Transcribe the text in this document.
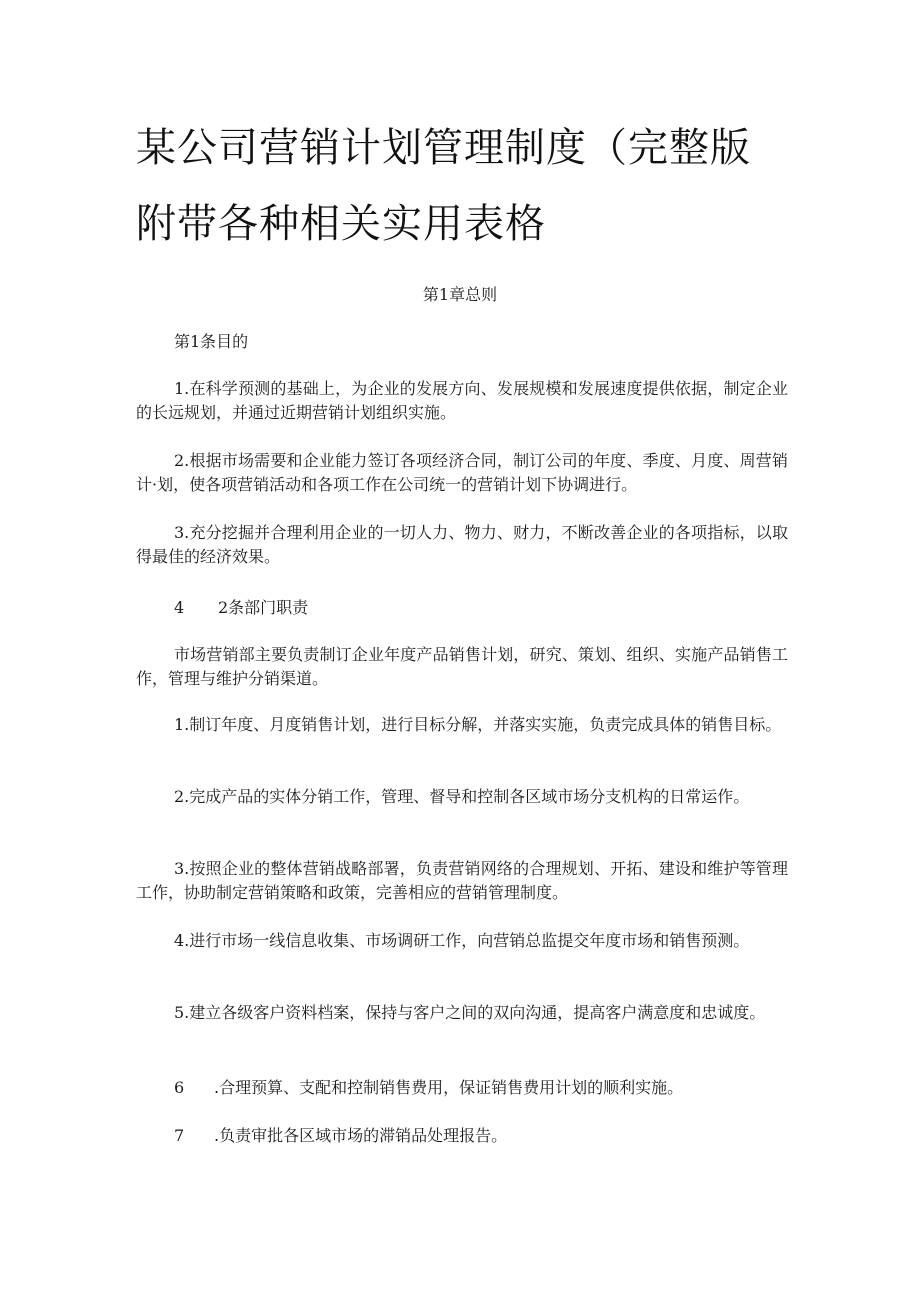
某公司营销计划管理制度（完整版
附带各种相关实用表格
第1章总则
第1条目的
1.在科学预测的基础上，为企业的发展方向、发展规模和发展速度提供依据，制定企业的长远规划，并通过近期营销计划组织实施。
2.根据市场需要和企业能力签订各项经济合同，制订公司的年度、季度、月度、周营销计·划，使各项营销活动和各项工作在公司统一的营销计划下协调进行。
3.充分挖掘并合理利用企业的一切人力、物力、财力，不断改善企业的各项指标，以取得最佳的经济效果。
4 2条部门职责
市场营销部主要负责制订企业年度产品销售计划，研究、策划、组织、实施产品销售工作，管理与维护分销渠道。
1.制订年度、月度销售计划，进行目标分解，并落实实施，负责完成具体的销售目标。
2.完成产品的实体分销工作，管理、督导和控制各区域市场分支机构的日常运作。
3.按照企业的整体营销战略部署，负责营销网络的合理规划、开拓、建设和维护等管理工作，协助制定营销策略和政策，完善相应的营销管理制度。
4.进行市场一线信息收集、市场调研工作，向营销总监提交年度市场和销售预测。
5.建立各级客户资料档案，保持与客户之间的双向沟通，提高客户满意度和忠诚度。
6 .合理预算、支配和控制销售费用，保证销售费用计划的顺利实施。
7 .负责审批各区域市场的滞销品处理报告。
